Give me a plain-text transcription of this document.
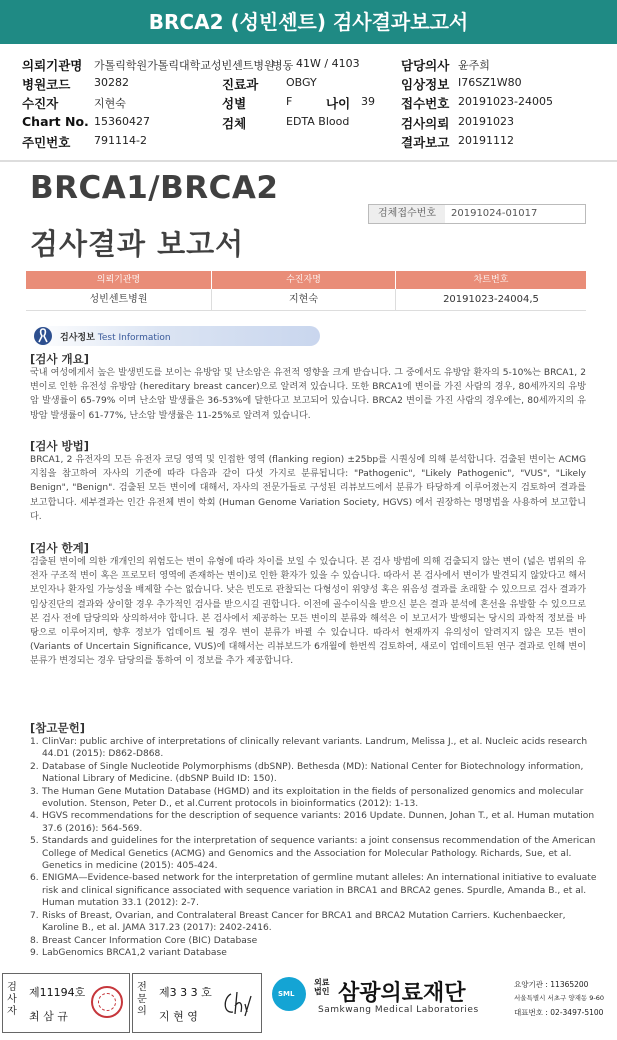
BRCA2 (성빈센트) 검사결과보고서
의뢰기관명 가톨릭학원가톨릭대학교성빈센트병원
병동 41W / 4103
병원코드 30282
수진자	지현숙
Chart No. 15360427
주민번호 791114-2
진료과	OBGY
성별	F	나이 39
검체	EDTA Blood
담당의사 윤주희
임상정보 I76SZ1W80
접수번호 20191023-24005
검사의뢰 20191023
결과보고 20191112
BRCA1/BRCA2
검사결과 보고서
검체접수번호	20191024-01017
의뢰기관명	수진자명	차트번호
성빈센트병원	지현숙	20191023-24004,5
검사정보 Test Information
[검사 개요]
국내 여성에게서 높은 발생빈도를 보이는 유방암 및 난소암은 유전적 영향을 크게 받습니다. 그 중에서도 유방암 환자의 5-10%는 BRCA1, 2 변이로 인한 유전성 유방암 (hereditary breast cancer)으로 알려져 있습니다. 또한 BRCA1에 변이를 가진 사람의 경우, 80세까지의 유방암 발생률이 65-79% 이며 난소암 발생률은 36-53%에 달한다고 보고되어 있습니다. BRCA2 변이를 가진 사람의 경우에는, 80세까지의 유방암 발생률이 61-77%, 난소암 발생률은 11-25%로 알려져 있습니다.
[검사 방법]
BRCA1, 2 유전자의 모든 유전자 코딩 영역 및 인접한 영역 (flanking region) ±25bp를 시퀀싱에 의해 분석합니다. 검출된 변이는 ACMG 지침을 참고하여 자사의 기준에 따라 다음과 같이 다섯 가지로 분류됩니다: "Pathogenic", "Likely Pathogenic", "VUS", "Likely Benign", "Benign". 검출된 모든 변이에 대해서, 자사의 전문가들로 구성된 리뷰보드에서 분류가 타당하게 이루어졌는지 검토하여 결과를 보고합니다. 세부결과는 인간 유전체 변이 학회 (Human Genome Variation Society, HGVS) 에서 권장하는 명명법을 사용하여 보고합니다.
[검사 한계]
검출된 변이에 의한 개개인의 위험도는 변이 유형에 따라 차이를 보일 수 있습니다. 본 검사 방법에 의해 검출되지 않는 변이 (넓은 범위의 유전자 구조적 변이 혹은 프로모터 영역에 존재하는 변이)로 인한 환자가 있을 수 있습니다. 따라서 본 검사에서 변이가 발견되지 않았다고 해서 보인자나 환자일 가능성을 배제할 수는 없습니다. 낮은 빈도로 관찰되는 다형성이 위양성 혹은 위음성 결과를 초래할 수 있으므로 검사 결과가 임상진단의 결과와 상이할 경우 추가적인 검사를 받으시길 권합니다. 이전에 골수이식을 받으신 분은 결과 분석에 혼선을 유발할 수 있으므로 본 검사 전에 담당의와 상의하셔야 합니다. 본 검사에서 제공하는 모든 변이의 분류와 해석은 이 보고서가 발행되는 당시의 과학적 정보를 바탕으로 이루어지며, 향후 정보가 업데이트 될 경우 변이 분류가 바뀔 수 있습니다. 따라서 현재까지 유의성이 알려지지 않은 모든 변이 (Variants of Uncertain Significance, VUS)에 대해서는 리뷰보드가 6개월에 한번씩 검토하여, 새로이 업데이트된 연구 결과로 인해 변이 분류가 변경되는 경우 담당의를 통하여 이 정보를 추가 제공합니다.
[참고문헌]
1. ClinVar: public archive of interpretations of clinically relevant variants. Landrum, Melissa J., et al. Nucleic acids research 44.D1 (2015): D862-D868.
2. Database of Single Nucleotide Polymorphisms (dbSNP). Bethesda (MD): National Center for Biotechnology information, National Library of Medicine. (dbSNP Build ID: 150).
3. The Human Gene Mutation Database (HGMD) and its exploitation in the fields of personalized genomics and molecular evolution. Stenson, Peter D., et al.Current protocols in bioinformatics (2012): 1-13.
4. HGVS recommendations for the description of sequence variants: 2016 Update. Dunnen, Johan T., et al. Human mutation 37.6 (2016): 564-569.
5. Standards and guidelines for the interpretation of sequence variants: a joint consensus recommendation of the American College of Medical Genetics (ACMG) and Genomics and the Association for Molecular Pathology. Richards, Sue, et al. Genetics in medicine (2015): 405-424.
6. ENIGMA—Evidence-based network for the interpretation of germline mutant alleles: An international initiative to evaluate risk and clinical significance associated with sequence variation in BRCA1 and BRCA2 genes. Spurdle, Amanda B., et al. Human mutation 33.1 (2012): 2-7.
7. Risks of Breast, Ovarian, and Contralateral Breast Cancer for BRCA1 and BRCA2 Mutation Carriers. Kuchenbaecker, Karoline B., et al. JAMA 317.23 (2017): 2402-2416.
8. Breast Cancer Information Core (BIC) Database
9. LabGenomics BRCA1,2 variant Database
검사자
제11194호
최 삼 규
전문의
제3 3 3 호
지 현 영
SML
외료법인 삼광의료재단
Samkwang Medical Laboratories
요양기관 : 11365200
서울특별시 서초구 양재동 9-60
대표번호 : 02-3497-5100
